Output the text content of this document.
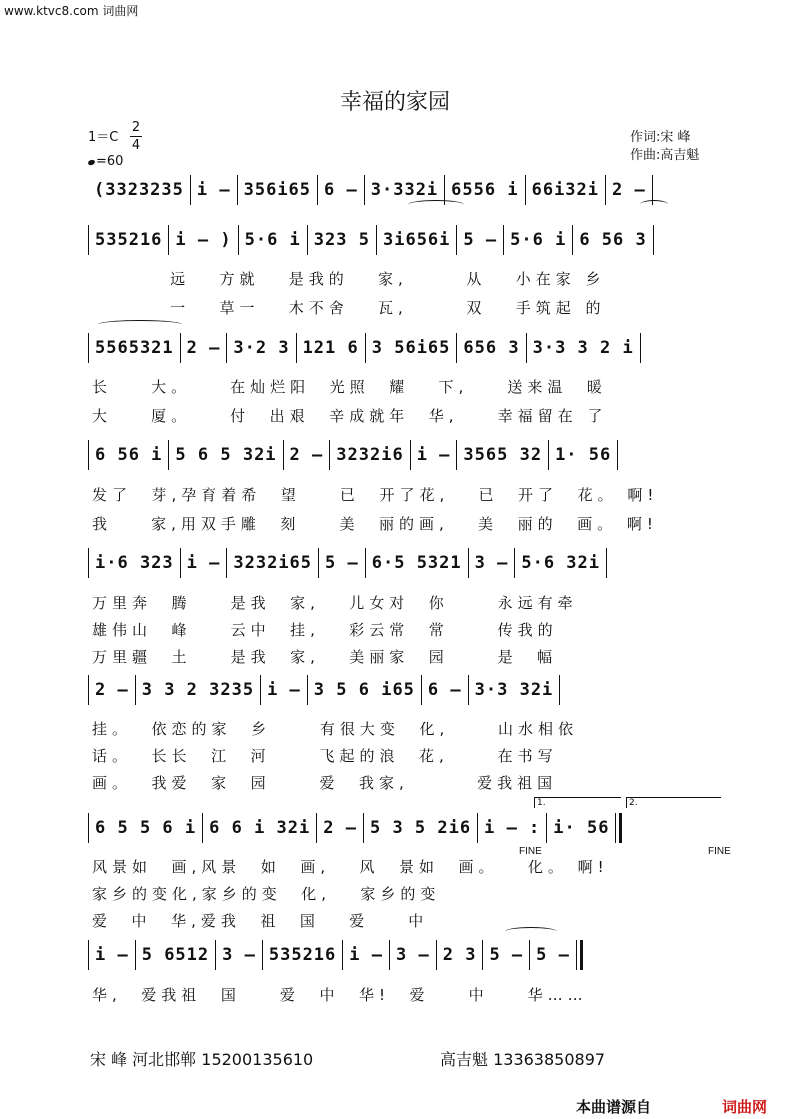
www.ktvc8.com 词曲网
幸福的家园
1＝C
2
4
=60
作词:宋 峰
作曲:高吉魁
(3323235 i – 356i65 6 – 3·332i 6556 i 66i32i 2 –
535216 i – ) 5·6 i 323 5 3i656i 5 – 5·6 i 6 56 3
5565321 2 – 3·2 3 121 6 3 56i65 656 3 3·3 3 2 i
6 56 i 5 6 5 32i 2 – 3232i6 i – 3565 32 1· 56
i·6 323 i – 3232i65 5 – 6·5 5321 3 – 5·6 32i
2 – 3 3 2 3235 i – 3 5 6 i65 6 – 3·3 32i
6 5 5 6 i 6 6 i 32i 2 – 5 3 5 2i6 i – : i· 56
i – 5 6512 3 – 535216 i – 3 – 2 3 5 – 5 –
1.	2.
FINE	FINE
远   方就   是我的   家,      从   小在家 乡
一   草一   木不舍   瓦,      双   手筑起 的
长    大。    在灿烂阳  光照  耀   下,    送来温  暖
大    厦。    付  出艰  辛成就年  华,    幸福留在 了
发了  芽,孕育着希  望    已  开了花,   已  开了  花。 啊!
我    家,用双手雕  刻    美  丽的画,   美  丽的  画。 啊!
万里奔  腾    是我  家,   儿女对  你     永远有牵
雄伟山  峰    云中  挂,   彩云常  常     传我的
万里疆  土    是我  家,   美丽家  园     是  幅
挂。  依恋的家  乡     有很大变  化,     山水相依
话。  长长  江  河     飞起的浪  花,     在书写
画。  我爱  家  园     爱  我家,       爱我祖国
风景如  画,风景  如  画,   风  景如  画。   化。 啊!
家乡的变化,家乡的变  化,   家乡的变
爱  中  华,爱我  祖  国   爱    中
华,  爱我祖  国    爱  中  华!  爱    中    华……
宋 峰 河北邯郸 15200135610	高吉魁 13363850897
本曲谱源自	词曲网
